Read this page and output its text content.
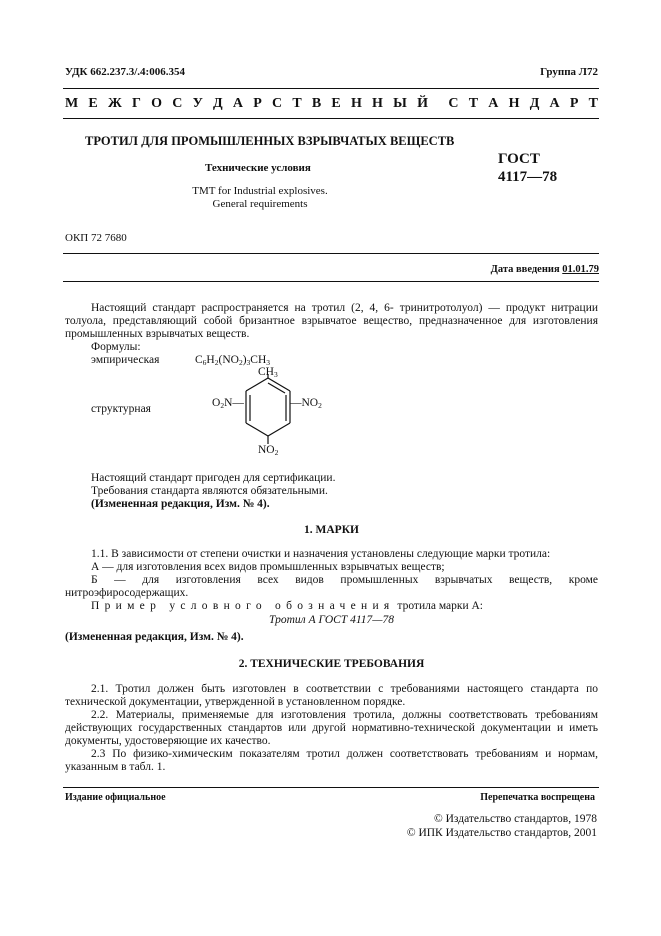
УДК 662.237.3/.4:006.354	Группа Л72
М Е Ж Г О С У Д А Р С Т В Е Н Н Ы Й С Т А Н Д А Р Т
ТРОТИЛ ДЛЯ ПРОМЫШЛЕННЫХ ВЗРЫВЧАТЫХ ВЕЩЕСТВ
Технические условия
ГОСТ
4117—78
TMT for Industrial explosives.
General requirements
ОКП 72 7680
Дата введения 01.01.79
Настоящий стандарт распространяется на тротил (2, 4, 6- тринитротолуол) — продукт нитрации толуола, представляющий собой бризантное взрывчатое вещество, предназначенное для изготовления промышленных взрывчатых веществ.
Формулы:
эмпирическая	$C_6H_2(NO_2)_3CH_3$
структурная
$CH_3$
$O_2N—$	$—NO_2$
$NO_2$
Настоящий стандарт пригоден для сертификации.
Требования стандарта являются обязательными.
(Измененная редакция, Изм. № 4).
1. МАРКИ
1.1. В зависимости от степени очистки и назначения установлены следующие марки тротила:
А — для изготовления всех видов промышленных взрывчатых веществ;
Б — для изготовления всех видов промышленных взрывчатых веществ, кроме нитроэфиросодержащих.
Пример условного обозначения тротила марки А:
Тротил А ГОСТ 4117—78
(Измененная редакция, Изм. № 4).
2. ТЕХНИЧЕСКИЕ ТРЕБОВАНИЯ
2.1. Тротил должен быть изготовлен в соответствии с требованиями настоящего стандарта по технической документации, утвержденной в установленном порядке.
2.2. Материалы, применяемые для изготовления тротила, должны соответствовать требованиям действующих государственных стандартов или другой нормативно-технической документации и иметь документы, удостоверяющие их качество.
2.3 По физико-химическим показателям тротил должен соответствовать требованиям и нормам, указанным в табл. 1.
Издание официальное	Перепечатка воспрещена
© Издательство стандартов, 1978
© ИПК Издательство стандартов, 2001
